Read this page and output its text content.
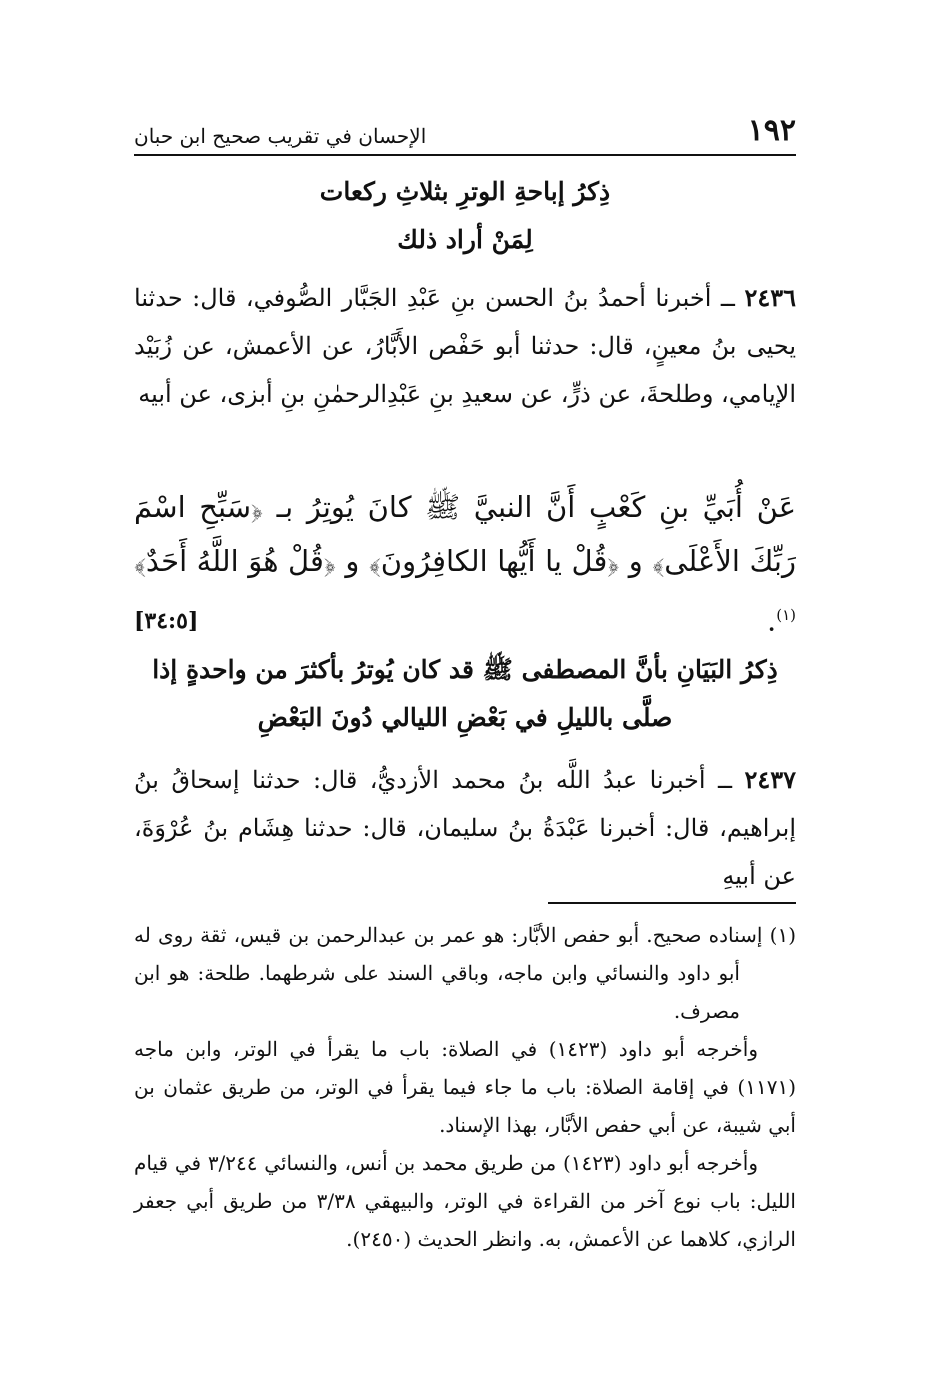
١٩٢
الإحسان في تقريب صحيح ابن حبان
ذِكرُ إباحةِ الوترِ بثلاثِ ركعات
لِمَنْ أراد ذلك
٢٤٣٦ ــ أخبرنا أحمدُ بنُ الحسن بنِ عَبْدِ الجَبَّار الصُّوفي، قال: حدثنا يحيى بنُ معينٍ، قال: حدثنا أبو حَفْص الأَبَّارُ، عن الأعمش، عن زُبَيْد الإيامي، وطلحةَ، عن ذرٍّ، عن سعيدِ بنِ عَبْدِالرحمٰنِ بنِ أبزى، عن أبيه
عَنْ أُبَيِّ بنِ كَعْبٍ أَنَّ النبيَّ ﷺ كانَ يُوتِرُ بـ ﴿سَبِّحِ اسْمَ رَبِّكَ الأَعْلَى﴾ و ﴿قُلْ يا أَيُّها الكافِرُونَ﴾ و ﴿قُلْ هُوَ اللَّهُ أَحَدٌ﴾$^{(١)}$.
[٣٤:٥]
ذِكرُ البَيَانِ بأنَّ المصطفى ﷺ قد كان يُوترُ بأكثرَ من واحدةٍ إذا
صلَّى بالليلِ في بَعْضِ الليالي دُونَ البَعْضِ
٢٤٣٧ ــ أخبرنا عبدُ اللَّه بنُ محمد الأزديُّ، قال: حدثنا إسحاقُ بنُ إبراهيم، قال: أخبرنا عَبْدَةُ بنُ سليمان، قال: حدثنا هِشَام بنُ عُرْوَةَ، عن أبيهِ

(١) إسناده صحيح. أبو حفص الأبَّار: هو عمر بن عبدالرحمن بن قيس، ثقة روى له أبو داود والنسائي وابن ماجه، وباقي السند على شرطهما. طلحة: هو ابن مصرف.

وأخرجه أبو داود (١٤٢٣) في الصلاة: باب ما يقرأ في الوتر، وابن ماجه (١١٧١) في إقامة الصلاة: باب ما جاء فيما يقرأ في الوتر، من طريق عثمان بن أبي شيبة، عن أبي حفص الأبَّار، بهذا الإسناد.

وأخرجه أبو داود (١٤٢٣) من طريق محمد بن أنس، والنسائي ٣/٢٤٤ في قيام الليل: باب نوع آخر من القراءة في الوتر، والبيهقي ٣/٣٨ من طريق أبي جعفر الرازي، كلاهما عن الأعمش، به. وانظر الحديث (٢٤٥٠).
